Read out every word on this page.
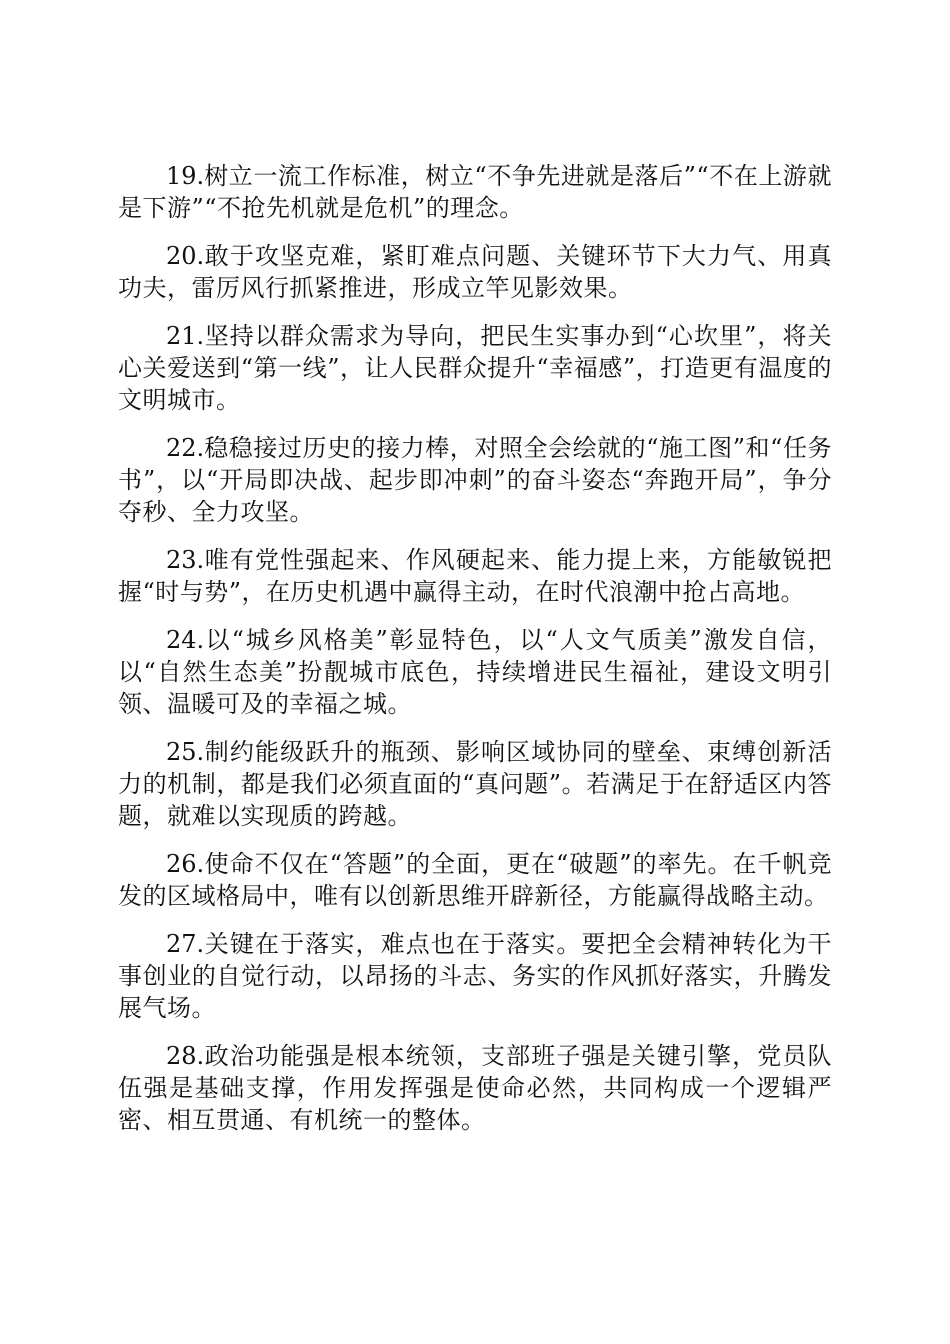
19.树立一流工作标准，树立“不争先进就是落后”“不在上游就是下游”“不抢先机就是危机”的理念。

20.敢于攻坚克难，紧盯难点问题、关键环节下大力气、用真功夫，雷厉风行抓紧推进，形成立竿见影效果。

21.坚持以群众需求为导向，把民生实事办到“心坎里”，将关心关爱送到“第一线”，让人民群众提升“幸福感”，打造更有温度的文明城市。

22.稳稳接过历史的接力棒，对照全会绘就的“施工图”和“任务书”，以“开局即决战、起步即冲刺”的奋斗姿态“奔跑开局”，争分夺秒、全力攻坚。

23.唯有党性强起来、作风硬起来、能力提上来，方能敏锐把握“时与势”，在历史机遇中赢得主动，在时代浪潮中抢占高地。

24.以“城乡风格美”彰显特色，以“人文气质美”激发自信，以“自然生态美”扮靓城市底色，持续增进民生福祉，建设文明引领、温暖可及的幸福之城。

25.制约能级跃升的瓶颈、影响区域协同的壁垒、束缚创新活力的机制，都是我们必须直面的“真问题”。若满足于在舒适区内答题，就难以实现质的跨越。

26.使命不仅在“答题”的全面，更在“破题”的率先。在千帆竞发的区域格局中，唯有以创新思维开辟新径，方能赢得战略主动。

27.关键在于落实，难点也在于落实。要把全会精神转化为干事创业的自觉行动，以昂扬的斗志、务实的作风抓好落实，升腾发展气场。

28.政治功能强是根本统领，支部班子强是关键引擎，党员队伍强是基础支撑，作用发挥强是使命必然，共同构成一个逻辑严密、相互贯通、有机统一的整体。
